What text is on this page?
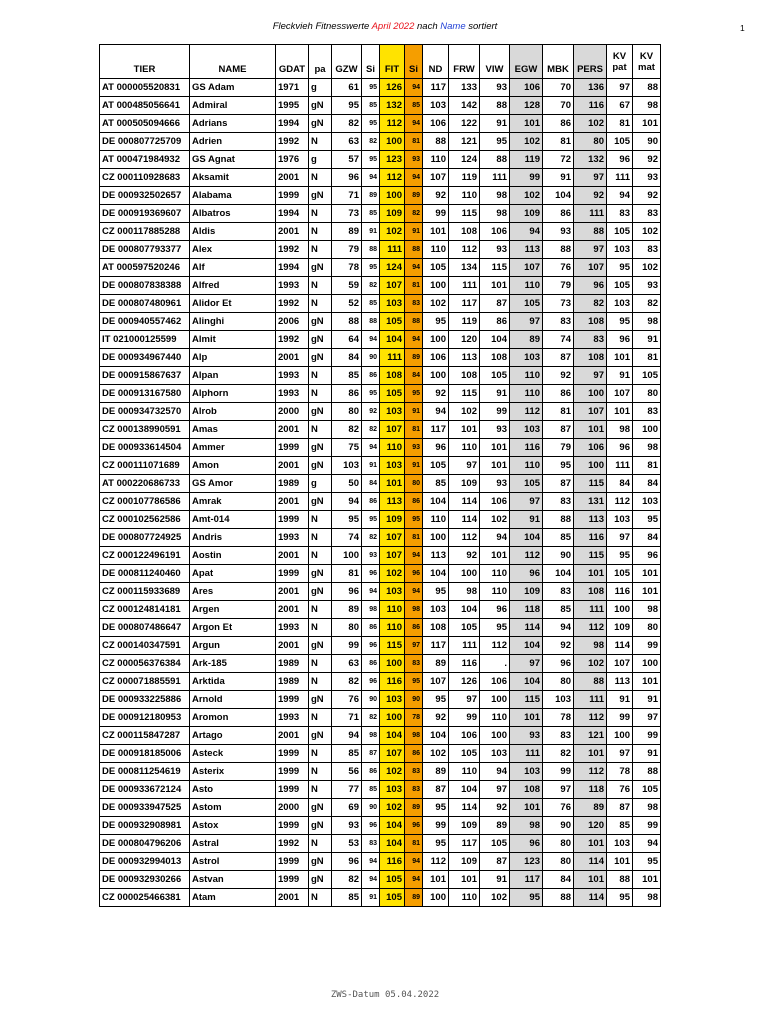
Fleckvieh Fitnesswerte April 2022 nach Name sortiert	1
TIER	NAME	GDAT	pa	GZW	Si	FIT	Si	ND	FRW	VIW	EGW	MBK	PERS	KV pat	KV mat
AT 000005520831	GS Adam	1971	g	61	95	126	94	117	133	93	106	70	136	97	88
AT 000485056641	Admiral	1995	gN	95	85	132	85	103	142	88	128	70	116	67	98
AT 000505094666	Adrians	1994	gN	82	95	112	94	106	122	91	101	86	102	81	101
DE 000807725709	Adrien	1992	N	63	82	100	81	88	121	95	102	81	80	105	90
AT 000471984932	GS Agnat	1976	g	57	95	123	93	110	124	88	119	72	132	96	92
CZ 000110928683	Aksamit	2001	N	96	94	112	94	107	119	111	99	91	97	111	93
DE 000932502657	Alabama	1999	gN	71	89	100	89	92	110	98	102	104	92	94	92
DE 000919369607	Albatros	1994	N	73	85	109	82	99	115	98	109	86	111	83	83
CZ 000117885288	Aldis	2001	N	89	91	102	91	101	108	106	94	93	88	105	102
DE 000807793377	Alex	1992	N	79	88	111	88	110	112	93	113	88	97	103	83
AT 000597520246	Alf	1994	gN	78	95	124	94	105	134	115	107	76	107	95	102
DE 000807838388	Alfred	1993	N	59	82	107	81	100	111	101	110	79	96	105	93
DE 000807480961	Alidor Et	1992	N	52	85	103	83	102	117	87	105	73	82	103	82
DE 000940557462	Alinghi	2006	gN	88	88	105	88	95	119	86	97	83	108	95	98
IT 021000125599	Almit	1992	gN	64	94	104	94	100	120	104	89	74	83	96	91
DE 000934967440	Alp	2001	gN	84	90	111	89	106	113	108	103	87	108	101	81
DE 000915867637	Alpan	1993	N	85	86	108	84	100	108	105	110	92	97	91	105
DE 000913167580	Alphorn	1993	N	86	95	105	95	92	115	91	110	86	100	107	80
DE 000934732570	Alrob	2000	gN	80	92	103	91	94	102	99	112	81	107	101	83
CZ 000138990591	Amas	2001	N	82	82	107	81	117	101	93	103	87	101	98	100
DE 000933614504	Ammer	1999	gN	75	94	110	93	96	110	101	116	79	106	96	98
CZ 000111071689	Amon	2001	gN	103	91	103	91	105	97	101	110	95	100	111	81
AT 000220686733	GS Amor	1989	g	50	84	101	80	85	109	93	105	87	115	84	84
CZ 000107786586	Amrak	2001	gN	94	86	113	86	104	114	106	97	83	131	112	103
CZ 000102562586	Amt-014	1999	N	95	95	109	95	110	114	102	91	88	113	103	95
DE 000807724925	Andris	1993	N	74	82	107	81	100	112	94	104	85	116	97	84
CZ 000122496191	Aostin	2001	N	100	93	107	94	113	92	101	112	90	115	95	96
DE 000811240460	Apat	1999	gN	81	96	102	96	104	100	110	96	104	101	105	101
CZ 000115933689	Ares	2001	gN	96	94	103	94	95	98	110	109	83	108	116	101
CZ 000124814181	Argen	2001	N	89	98	110	98	103	104	96	118	85	111	100	98
DE 000807486647	Argon Et	1993	N	80	86	110	86	108	105	95	114	94	112	109	80
CZ 000140347591	Argun	2001	gN	99	96	115	97	117	111	112	104	92	98	114	99
CZ 000056376384	Ark-185	1989	N	63	86	100	83	89	116	.	97	96	102	107	100
CZ 000071885591	Arktida	1989	N	82	96	116	95	107	126	106	104	80	88	113	101
DE 000933225886	Arnold	1999	gN	76	90	103	90	95	97	100	115	103	111	91	91
DE 000912180953	Aromon	1993	N	71	82	100	78	92	99	110	101	78	112	99	97
CZ 000115847287	Artago	2001	gN	94	98	104	98	104	106	100	93	83	121	100	99
DE 000918185006	Asteck	1999	N	85	87	107	86	102	105	103	111	82	101	97	91
DE 000811254619	Asterix	1999	N	56	86	102	83	89	110	94	103	99	112	78	88
DE 000933672124	Asto	1999	N	77	85	103	83	87	104	97	108	97	118	76	105
DE 000933947525	Astom	2000	gN	69	90	102	89	95	114	92	101	76	89	87	98
DE 000932908981	Astox	1999	gN	93	96	104	96	99	109	89	98	90	120	85	99
DE 000804796206	Astral	1992	N	53	83	104	81	95	117	105	96	80	101	103	94
DE 000932994013	Astrol	1999	gN	96	94	116	94	112	109	87	123	80	114	101	95
DE 000932930266	Astvan	1999	gN	82	94	105	94	101	101	91	117	84	101	88	101
CZ 000025466381	Atam	2001	N	85	91	105	89	100	110	102	95	88	114	95	98
ZWS-Datum 05.04.2022
